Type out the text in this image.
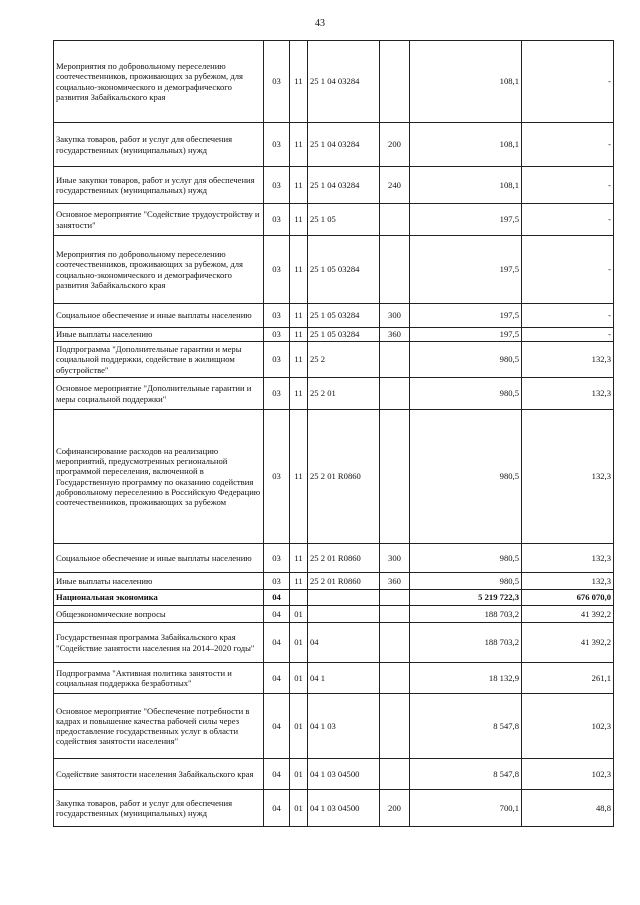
43
Мероприятия по добровольному переселению соотечественников, проживающих за рубежом, для социально-экономического и демографического развития Забайкальского края	03	11	25 1 04 03284		108,1	-
Закупка товаров, работ и услуг для обеспечения государственных (муниципальных) нужд	03	11	25 1 04 03284	200	108,1	-
Иные закупки товаров, работ и услуг для обеспечения государственных (муниципальных) нужд	03	11	25 1 04 03284	240	108,1	-
Основное мероприятие "Содействие трудоустройству и занятости"	03	11	25 1 05		197,5	-
Мероприятия по добровольному переселению соотечественников, проживающих за рубежом, для социально-экономического и демографического развития Забайкальского края	03	11	25 1 05 03284		197,5	-
Социальное обеспечение и иные выплаты населению	03	11	25 1 05 03284	300	197,5	-
Иные выплаты населению	03	11	25 1 05 03284	360	197,5	-
Подпрограмма "Дополнительные гарантии и меры социальной поддержки, содействие в жилищном обустройстве"	03	11	25 2		980,5	132,3
Основное мероприятие "Дополнительные гарантии и меры социальной поддержки"	03	11	25 2 01		980,5	132,3
Софинансирование расходов на реализацию мероприятий, предусмотренных региональной программой переселения, включенной в Государственную программу по оказанию содействия добровольному переселению в Российскую Федерацию соотечественников, проживающих за рубежом	03	11	25 2 01 R0860		980,5	132,3
Социальное обеспечение и иные выплаты населению	03	11	25 2 01 R0860	300	980,5	132,3
Иные выплаты населению	03	11	25 2 01 R0860	360	980,5	132,3
Национальная экономика	04				5 219 722,3	676 070,0
Общеэкономические вопросы	04	01			188 703,2	41 392,2
Государственная программа Забайкальского края "Содействие занятости населения на 2014–2020 годы"	04	01	04		188 703,2	41 392,2
Подпрограмма "Активная политика занятости и социальная поддержка безработных"	04	01	04 1		18 132,9	261,1
Основное мероприятие "Обеспечение потребности в кадрах и повышение качества рабочей силы через предоставление государственных услуг в области содействия занятости населения"	04	01	04 1 03		8 547,8	102,3
Содействие занятости населения Забайкальского края	04	01	04 1 03 04500		8 547,8	102,3
Закупка товаров, работ и услуг для обеспечения государственных (муниципальных) нужд	04	01	04 1 03 04500	200	700,1	48,8
